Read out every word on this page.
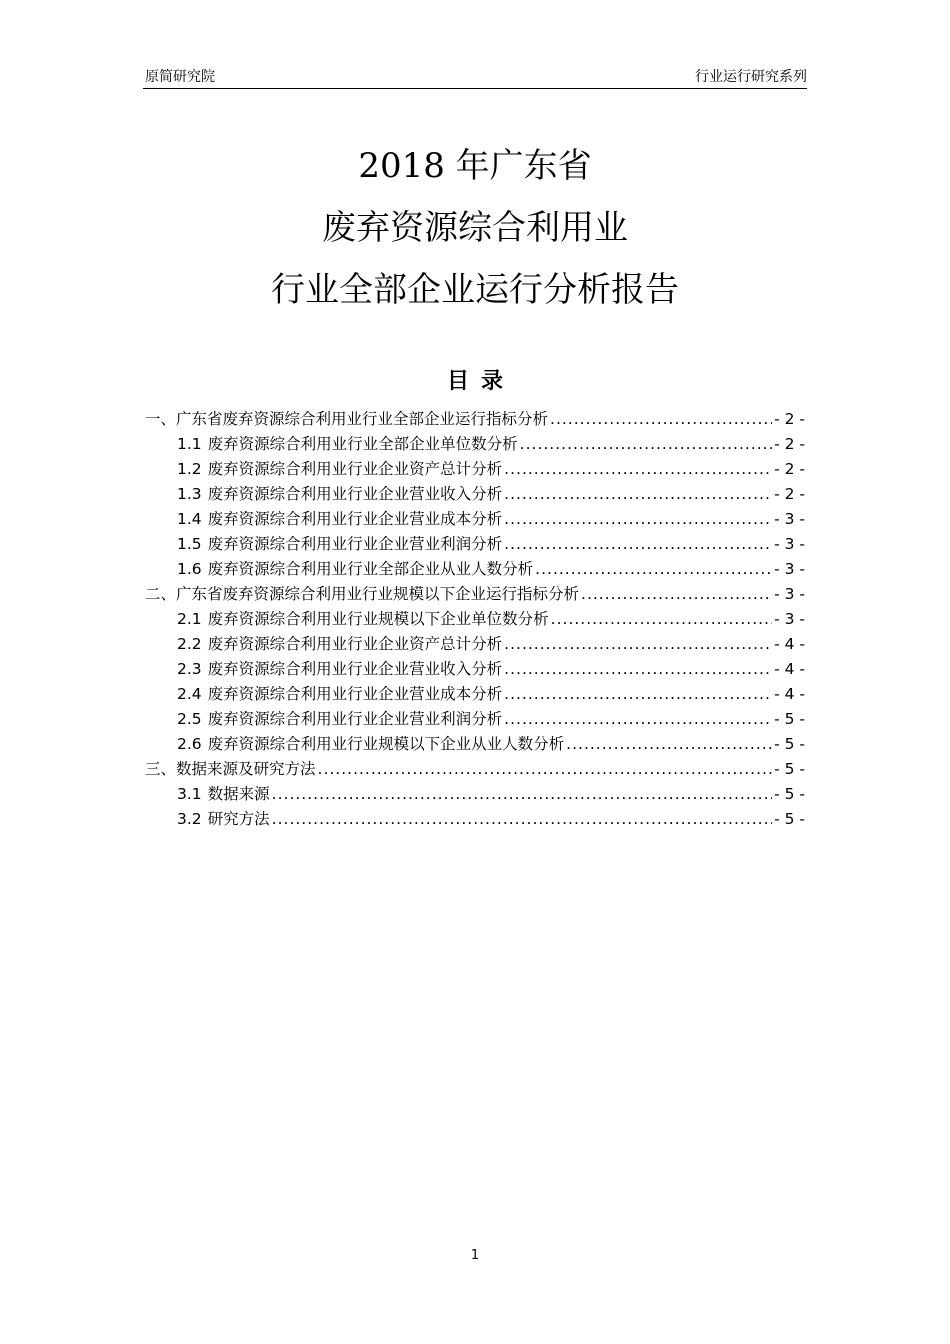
原简研究院	行业运行研究系列
2018 年广东省
废弃资源综合利用业
行业全部企业运行分析报告
目录
一、广东省废弃资源综合利用业行业全部企业运行指标分析 .....	- 2 -
1.1 废弃资源综合利用业行业全部企业单位数分析 .....	- 2 -
1.2 废弃资源综合利用业行业企业资产总计分析 .....	- 2 -
1.3 废弃资源综合利用业行业企业营业收入分析 .....	- 2 -
1.4 废弃资源综合利用业行业企业营业成本分析 .....	- 3 -
1.5 废弃资源综合利用业行业企业营业利润分析 .....	- 3 -
1.6 废弃资源综合利用业行业全部企业从业人数分析 .....	- 3 -
二、广东省废弃资源综合利用业行业规模以下企业运行指标分析 .....	- 3 -
2.1 废弃资源综合利用业行业规模以下企业单位数分析 .....	- 3 -
2.2 废弃资源综合利用业行业企业资产总计分析 .....	- 4 -
2.3 废弃资源综合利用业行业企业营业收入分析 .....	- 4 -
2.4 废弃资源综合利用业行业企业营业成本分析 .....	- 4 -
2.5 废弃资源综合利用业行业企业营业利润分析 .....	- 5 -
2.6 废弃资源综合利用业行业规模以下企业从业人数分析 .....	- 5 -
三、数据来源及研究方法 .....	- 5 -
3.1 数据来源 .....	- 5 -
3.2 研究方法 .....	- 5 -
1
